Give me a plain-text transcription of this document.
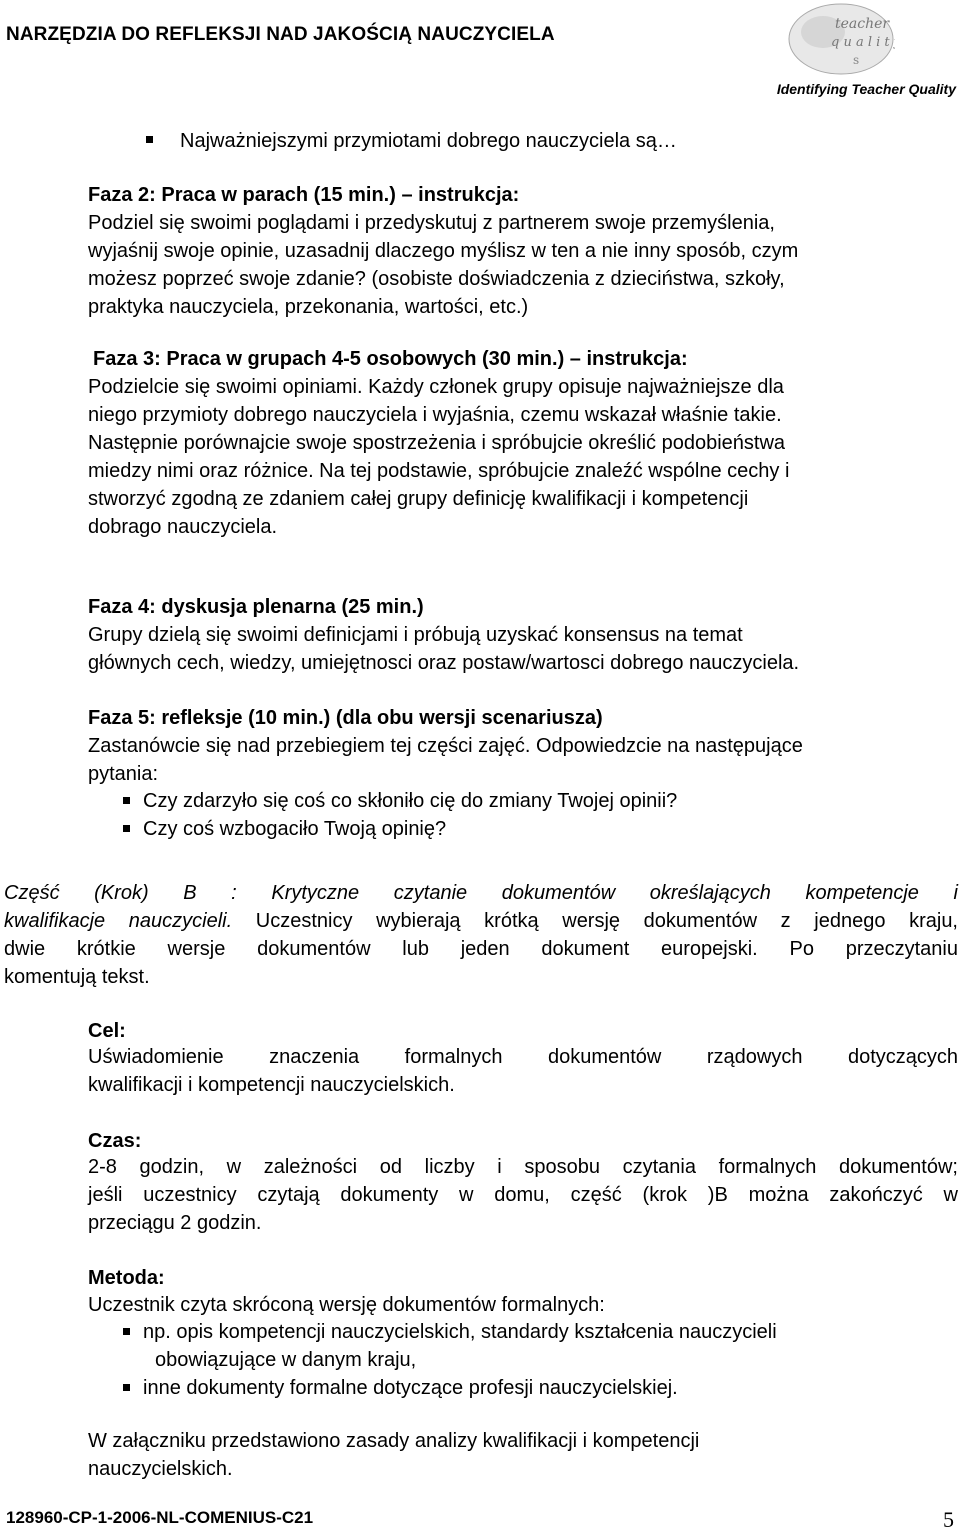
NARZĘDZIA DO REFLEKSJI NAD JAKOŚCIĄ NAUCZYCIELA	teacher
q u a l i t y
s
Identifying Teacher Quality
Najważniejszymi przymiotami dobrego nauczyciela są…
Faza 2: Praca w parach (15 min.) – instrukcja:
Podziel się swoimi poglądami i przedyskutuj z partnerem swoje przemyślenia,
wyjaśnij swoje opinie, uzasadnij dlaczego myślisz w ten a nie inny sposób, czym
możesz poprzeć swoje zdanie? (osobiste doświadczenia z dzieciństwa, szkoły,
praktyka nauczyciela, przekonania, wartości, etc.)
Faza 3: Praca w grupach 4-5 osobowych (30 min.) – instrukcja:
Podzielcie się swoimi opiniami. Każdy członek grupy opisuje najważniejsze dla
niego przymioty dobrego nauczyciela i wyjaśnia, czemu wskazał właśnie takie.
Następnie porównajcie swoje spostrzeżenia i spróbujcie określić podobieństwa
miedzy nimi oraz różnice. Na tej podstawie, spróbujcie znaleźć wspólne cechy i
stworzyć zgodną ze zdaniem całej grupy definicję kwalifikacji i kompetencji
dobrago nauczyciela.
Faza 4: dyskusja plenarna (25 min.)
Grupy dzielą się swoimi definicjami i próbują uzyskać konsensus na temat
głównych cech, wiedzy, umiejętnosci oraz postaw/wartosci dobrego nauczyciela.
Faza 5: refleksje (10 min.) (dla obu wersji scenariusza)
Zastanówcie się nad przebiegiem tej części zajęć. Odpowiedzcie na następujące
pytania:
Czy zdarzyło się coś co skłoniło cię do zmiany Twojej opinii?
Czy coś wzbogaciło Twoją opinię?
Część (Krok) B : Krytyczne czytanie dokumentów określających kompetencje i
kwalifikacje nauczycieli. Uczestnicy wybierają krótką wersję dokumentów z jednego kraju,
dwie krótkie wersje dokumentów lub jeden dokument europejski. Po przeczytaniu
komentują tekst.
Cel:
Uświadomienie znaczenia formalnych dokumentów rządowych dotyczących
kwalifikacji i kompetencji nauczycielskich.
Czas:
2-8 godzin, w zależności od liczby i sposobu czytania formalnych dokumentów;
jeśli uczestnicy czytają dokumenty w domu, część (krok )B można zakończyć w
przeciągu 2 godzin.
Metoda:
Uczestnik czyta skróconą wersję dokumentów formalnych:
np. opis kompetencji nauczycielskich, standardy kształcenia nauczycieli
obowiązujące w danym kraju,
inne dokumenty formalne dotyczące profesji nauczycielskiej.
W załączniku przedstawiono zasady analizy kwalifikacji i kompetencji
nauczycielskich.
128960-CP-1-2006-NL-COMENIUS-C21	5
